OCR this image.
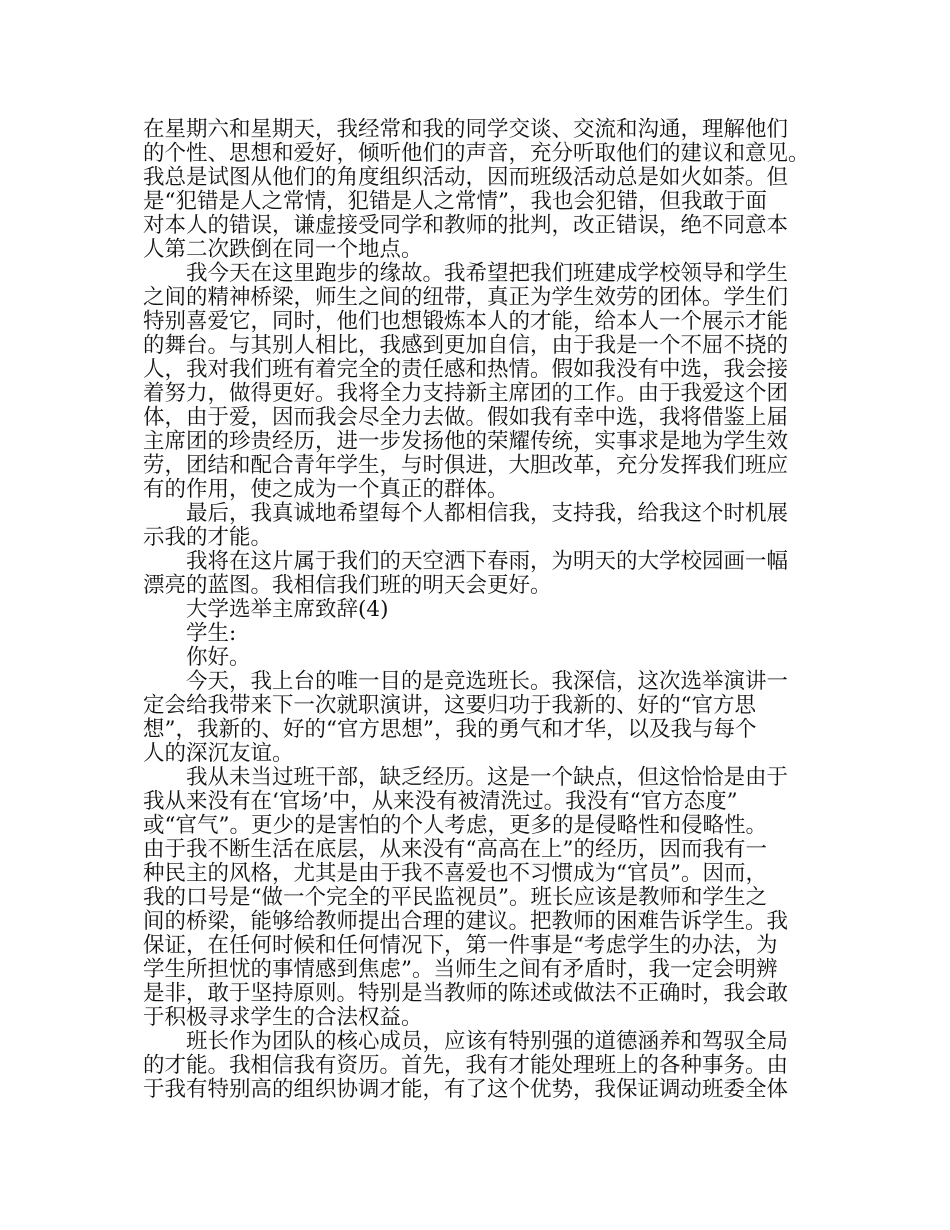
在星期六和星期天，我经常和我的同学交谈、交流和沟通，理解他们
的个性、思想和爱好，倾听他们的声音，充分听取他们的建议和意见。
我总是试图从他们的角度组织活动，因而班级活动总是如火如荼。但
是“犯错是人之常情，犯错是人之常情”，我也会犯错，但我敢于面
对本人的错误，谦虚接受同学和教师的批判，改正错误，绝不同意本
人第二次跌倒在同一个地点。
我今天在这里跑步的缘故。我希望把我们班建成学校领导和学生
之间的精神桥梁，师生之间的纽带，真正为学生效劳的团体。学生们
特别喜爱它，同时，他们也想锻炼本人的才能，给本人一个展示才能
的舞台。与其别人相比，我感到更加自信，由于我是一个不屈不挠的
人，我对我们班有着完全的责任感和热情。假如我没有中选，我会接
着努力，做得更好。我将全力支持新主席团的工作。由于我爱这个团
体，由于爱，因而我会尽全力去做。假如我有幸中选，我将借鉴上届
主席团的珍贵经历，进一步发扬他的荣耀传统，实事求是地为学生效
劳，团结和配合青年学生，与时俱进，大胆改革，充分发挥我们班应
有的作用，使之成为一个真正的群体。
最后，我真诚地希望每个人都相信我，支持我，给我这个时机展
示我的才能。
我将在这片属于我们的天空洒下春雨，为明天的大学校园画一幅
漂亮的蓝图。我相信我们班的明天会更好。
大学选举主席致辞(4)
学生:
你好。
今天，我上台的唯一目的是竞选班长。我深信，这次选举演讲一
定会给我带来下一次就职演讲，这要归功于我新的、好的“官方思
想”，我新的、好的“官方思想”，我的勇气和才华，以及我与每个
人的深沉友谊。
我从未当过班干部，缺乏经历。这是一个缺点，但这恰恰是由于
我从来没有在‘官场’中，从来没有被清洗过。我没有“官方态度”
或“官气”。更少的是害怕的个人考虑，更多的是侵略性和侵略性。
由于我不断生活在底层，从来没有“高高在上”的经历，因而我有一
种民主的风格，尤其是由于我不喜爱也不习惯成为“官员”。因而，
我的口号是“做一个完全的平民监视员”。班长应该是教师和学生之
间的桥梁，能够给教师提出合理的建议。把教师的困难告诉学生。我
保证，在任何时候和任何情况下，第一件事是“考虑学生的办法，为
学生所担忧的事情感到焦虑”。当师生之间有矛盾时，我一定会明辨
是非，敢于坚持原则。特别是当教师的陈述或做法不正确时，我会敢
于积极寻求学生的合法权益。
班长作为团队的核心成员，应该有特别强的道德涵养和驾驭全局
的才能。我相信我有资历。首先，我有才能处理班上的各种事务。由
于我有特别高的组织协调才能，有了这个优势，我保证调动班委全体
